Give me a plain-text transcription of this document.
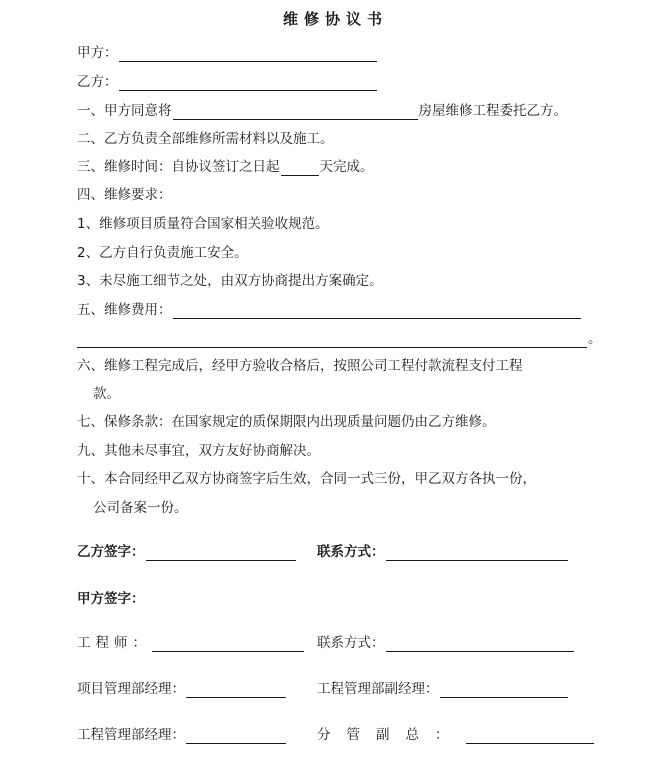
维修协议书
甲方：
乙方：
一、甲方同意将	房屋维修工程委托乙方。
二、乙方负责全部维修所需材料以及施工。
三、维修时间：自协议签订之日起	天完成。
四、维修要求：
1、维修项目质量符合国家相关验收规范。
2、乙方自行负责施工安全。
3、未尽施工细节之处，由双方协商提出方案确定。
五、维修费用：
。
六、维修工程完成后，经甲方验收合格后，按照公司工程付款流程支付工程
款。
七、保修条款：在国家规定的质保期限内出现质量问题仍由乙方维修。
九、其他未尽事宜，双方友好协商解决。
十、本合同经甲乙双方协商签字后生效，合同一式三份，甲乙双方各执一份，
公司备案一份。
乙方签字：	联系方式：
甲方签字：
工程师：	联系方式：
项目管理部经理：	工程管理部副经理：
工程管理部经理：	分管副总：
